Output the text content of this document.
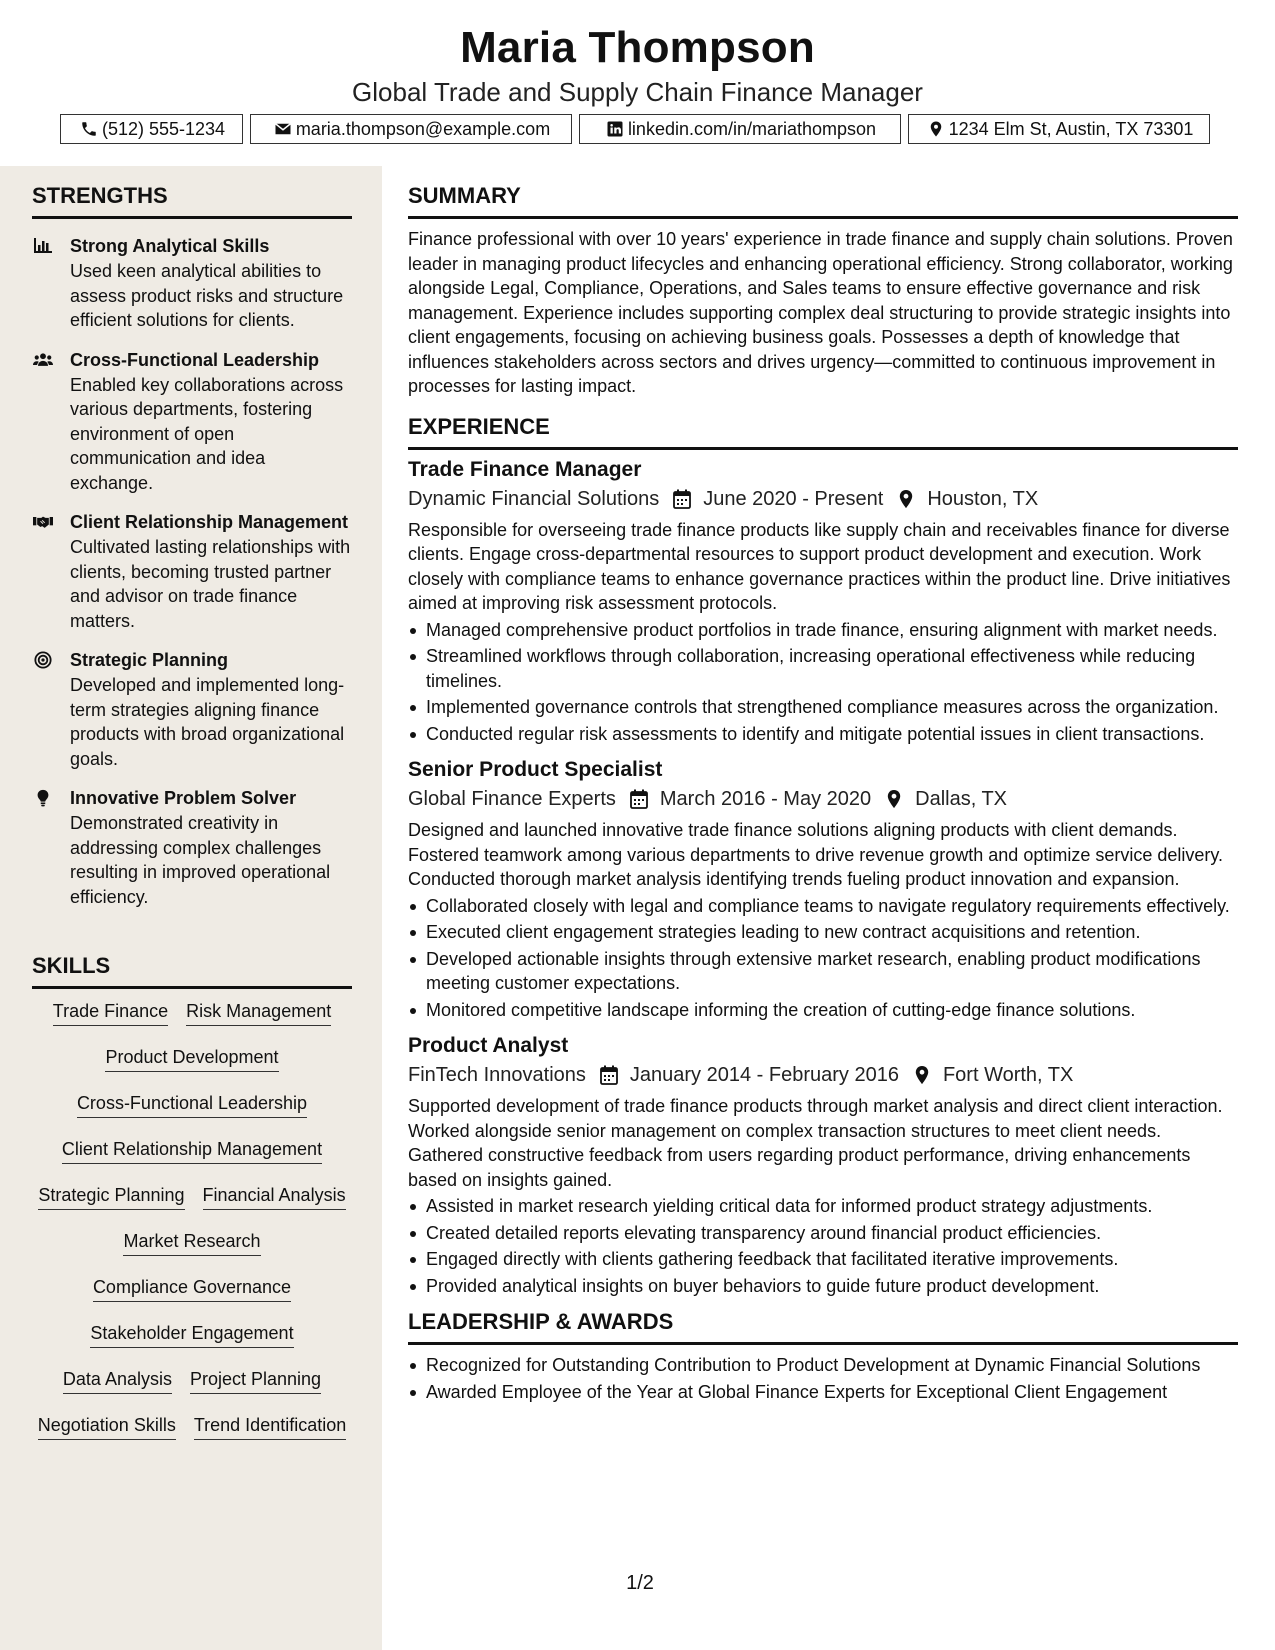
Maria Thompson
Global Trade and Supply Chain Finance Manager
(512) 555-1234	maria.thompson@example.com	linkedin.com/in/mariathompson	1234 Elm St, Austin, TX 73301
STRENGTHS
Strong Analytical Skills
Used keen analytical abilities to assess product risks and structure efficient solutions for clients.
Cross-Functional Leadership
Enabled key collaborations across various departments, fostering environment of open communication and idea exchange.
Client Relationship Management
Cultivated lasting relationships with clients, becoming trusted partner and advisor on trade finance matters.
Strategic Planning
Developed and implemented long-term strategies aligning finance products with broad organizational goals.
Innovative Problem Solver
Demonstrated creativity in addressing complex challenges resulting in improved operational efficiency.
SKILLS
Trade Finance Risk Management
Product Development
Cross-Functional Leadership
Client Relationship Management
Strategic Planning Financial Analysis
Market Research
Compliance Governance
Stakeholder Engagement
Data Analysis Project Planning
Negotiation Skills Trend Identification
SUMMARY
Finance professional with over 10 years' experience in trade finance and supply chain solutions. Proven leader in managing product lifecycles and enhancing operational efficiency. Strong collaborator, working alongside Legal, Compliance, Operations, and Sales teams to ensure effective governance and risk management. Experience includes supporting complex deal structuring to provide strategic insights into client engagements, focusing on achieving business goals. Possesses a depth of knowledge that influences stakeholders across sectors and drives urgency—committed to continuous improvement in processes for lasting impact.
EXPERIENCE
Trade Finance Manager
Dynamic Financial Solutions June 2020 - Present Houston, TX
Responsible for overseeing trade finance products like supply chain and receivables finance for diverse clients. Engage cross-departmental resources to support product development and execution. Work closely with compliance teams to enhance governance practices within the product line. Drive initiatives aimed at improving risk assessment protocols.
Managed comprehensive product portfolios in trade finance, ensuring alignment with market needs.
Streamlined workflows through collaboration, increasing operational effectiveness while reducing timelines.
Implemented governance controls that strengthened compliance measures across the organization.
Conducted regular risk assessments to identify and mitigate potential issues in client transactions.
Senior Product Specialist
Global Finance Experts March 2016 - May 2020 Dallas, TX
Designed and launched innovative trade finance solutions aligning products with client demands. Fostered teamwork among various departments to drive revenue growth and optimize service delivery. Conducted thorough market analysis identifying trends fueling product innovation and expansion.
Collaborated closely with legal and compliance teams to navigate regulatory requirements effectively.
Executed client engagement strategies leading to new contract acquisitions and retention.
Developed actionable insights through extensive market research, enabling product modifications meeting customer expectations.
Monitored competitive landscape informing the creation of cutting-edge finance solutions.
Product Analyst
FinTech Innovations January 2014 - February 2016 Fort Worth, TX
Supported development of trade finance products through market analysis and direct client interaction. Worked alongside senior management on complex transaction structures to meet client needs. Gathered constructive feedback from users regarding product performance, driving enhancements based on insights gained.
Assisted in market research yielding critical data for informed product strategy adjustments.
Created detailed reports elevating transparency around financial product efficiencies.
Engaged directly with clients gathering feedback that facilitated iterative improvements.
Provided analytical insights on buyer behaviors to guide future product development.
LEADERSHIP & AWARDS
Recognized for Outstanding Contribution to Product Development at Dynamic Financial Solutions
Awarded Employee of the Year at Global Finance Experts for Exceptional Client Engagement
1/2
